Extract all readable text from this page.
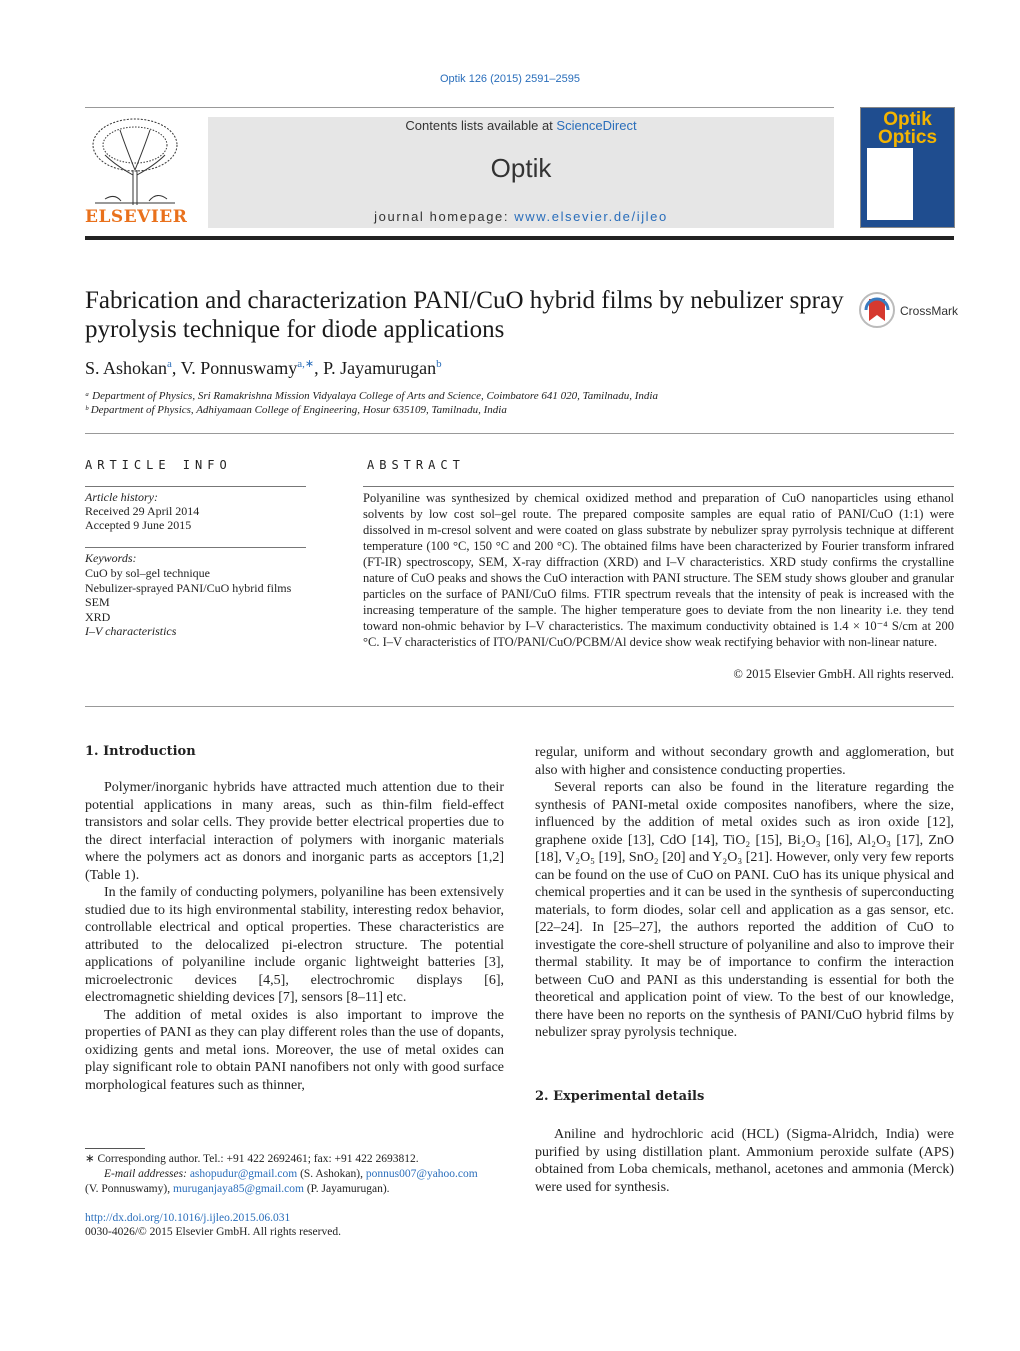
Optik 126 (2015) 2591–2595
ELSEVIER
Contents lists available at ScienceDirect
Optik
journal homepage: www.elsevier.de/ijleo
Optik
Optics
Fabrication and characterization PANI/CuO hybrid films by nebulizer spray pyrolysis technique for diode applications
CrossMark
S. Ashokan$^a$, V. Ponnuswamy$^{a,∗}$, P. Jayamurugan$^b$
ᵃ Department of Physics, Sri Ramakrishna Mission Vidyalaya College of Arts and Science, Coimbatore 641 020, Tamilnadu, India
ᵇ Department of Physics, Adhiyamaan College of Engineering, Hosur 635109, Tamilnadu, India
ARTICLE INFO	ABSTRACT
Article history:
Received 29 April 2014
Accepted 9 June 2015
Keywords:
CuO by sol–gel technique
Nebulizer-sprayed PANI/CuO hybrid films
SEM
XRD
I–V characteristics
Polyaniline was synthesized by chemical oxidized method and preparation of CuO nanoparticles using ethanol solvents by low cost sol–gel route. The prepared composite samples are equal ratio of PANI/CuO (1:1) were dissolved in m-cresol solvent and were coated on glass substrate by nebulizer spray pyrrolysis technique at different temperature (100 °C, 150 °C and 200 °C). The obtained films have been characterized by Fourier transform infrared (FT-IR) spectroscopy, SEM, X-ray diffraction (XRD) and I–V characteristics. XRD study confirms the crystalline nature of CuO peaks and shows the CuO interaction with PANI structure. The SEM study shows glouber and granular particles on the surface of PANI/CuO films. FTIR spectrum reveals that the intensity of peak is increased with the increasing temperature of the sample. The higher temperature goes to deviate from the non linearity i.e. they tend toward non-ohmic behavior by I–V characteristics. The maximum conductivity obtained is 1.4 × 10⁻⁴ S/cm at 200 °C. I–V characteristics of ITO/PANI/CuO/PCBM/Al device show weak rectifying behavior with non-linear nature.
© 2015 Elsevier GmbH. All rights reserved.
1. Introduction

Polymer/inorganic hybrids have attracted much attention due to their potential applications in many areas, such as thin-film field-effect transistors and solar cells. They provide better electrical properties due to the direct interfacial interaction of polymers with inorganic materials where the polymers act as donors and inorganic parts as acceptors [1,2] (Table 1).

In the family of conducting polymers, polyaniline has been extensively studied due to its high environmental stability, interesting redox behavior, controllable electrical and optical properties. These characteristics are attributed to the delocalized pi-electron structure. The potential applications of polyaniline include organic lightweight batteries [3], microelectronic devices [4,5], electrochromic displays [6], electromagnetic shielding devices [7], sensors [8–11] etc.

The addition of metal oxides is also important to improve the properties of PANI as they can play different roles than the use of dopants, oxidizing gents and metal ions. Moreover, the use of metal oxides can play significant role to obtain PANI nanofibers not only with good surface morphological features such as thinner,

regular, uniform and without secondary growth and agglomeration, but also with higher and consistence conducting properties.

Several reports can also be found in the literature regarding the synthesis of PANI-metal oxide composites nanofibers, where the size, influenced by the addition of metal oxides such as iron oxide [12], graphene oxide [13], CdO [14], TiO₂ [15], Bi₂O₃ [16], Al₂O₃ [17], ZnO [18], V₂O₅ [19], SnO₂ [20] and Y₂O₃ [21]. However, only very few reports can be found on the use of CuO on PANI. CuO has its unique physical and chemical properties and it can be used in the synthesis of superconducting materials, to form diodes, solar cell and application as a gas sensor, etc. [22–24]. In [25–27], the authors reported the addition of CuO to investigate the core-shell structure of polyaniline and also to improve their thermal stability. It may be of importance to confirm the interaction between CuO and PANI as this understanding is essential for both the theoretical and application point of view. To the best of our knowledge, there have been no reports on the synthesis of PANI/CuO hybrid films by nebulizer spray pyrolysis technique.

2. Experimental details

Aniline and hydrochloric acid (HCL) (Sigma-Alridch, India) were purified by using distillation plant. Ammonium peroxide sulfate (APS) obtained from Loba chemicals, methanol, acetones and ammonia (Merck) were used for synthesis.

∗ Corresponding author. Tel.: +91 422 2692461; fax: +91 422 2693812.
E-mail addresses: ashopudur@gmail.com (S. Ashokan), ponnus007@yahoo.com
(V. Ponnuswamy), muruganjaya85@gmail.com (P. Jayamurugan).
http://dx.doi.org/10.1016/j.ijleo.2015.06.031
0030-4026/© 2015 Elsevier GmbH. All rights reserved.
